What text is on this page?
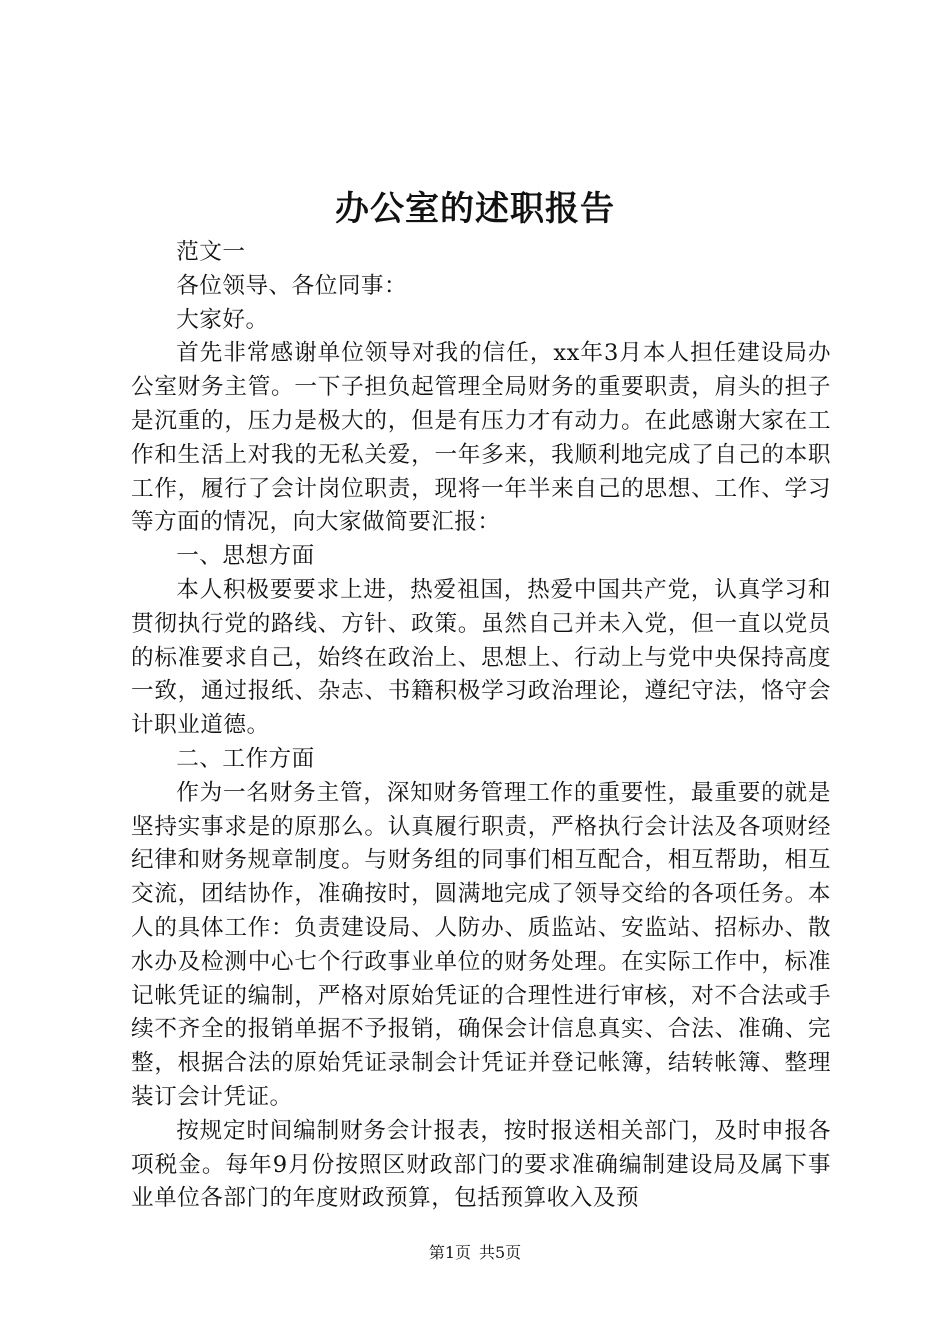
办公室的述职报告

范文一

各位领导、各位同事：

大家好。

首先非常感谢单位领导对我的信任，xx年3月本人担任建设局办公室财务主管。一下子担负起管理全局财务的重要职责，肩头的担子是沉重的，压力是极大的，但是有压力才有动力。在此感谢大家在工作和生活上对我的无私关爱，一年多来，我顺利地完成了自己的本职工作，履行了会计岗位职责，现将一年半来自己的思想、工作、学习等方面的情况，向大家做简要汇报：

一、思想方面

本人积极要要求上进，热爱祖国，热爱中国共产党，认真学习和贯彻执行党的路线、方针、政策。虽然自己并未入党，但一直以党员的标准要求自己，始终在政治上、思想上、行动上与党中央保持高度一致，通过报纸、杂志、书籍积极学习政治理论，遵纪守法，恪守会计职业道德。

二、工作方面

作为一名财务主管，深知财务管理工作的重要性，最重要的就是坚持实事求是的原那么。认真履行职责，严格执行会计法及各项财经纪律和财务规章制度。与财务组的同事们相互配合，相互帮助，相互交流，团结协作，准确按时，圆满地完成了领导交给的各项任务。本人的具体工作：负责建设局、人防办、质监站、安监站、招标办、散水办及检测中心七个行政事业单位的财务处理。在实际工作中，标准记帐凭证的编制，严格对原始凭证的合理性进行审核，对不合法或手续不齐全的报销单据不予报销，确保会计信息真实、合法、准确、完整，根据合法的原始凭证录制会计凭证并登记帐簿，结转帐簿、整理装订会计凭证。

按规定时间编制财务会计报表，按时报送相关部门，及时申报各项税金。每年9月份按照区财政部门的要求准确编制建设局及属下事业单位各部门的年度财政预算，包括预算收入及预

第1页 共5页
